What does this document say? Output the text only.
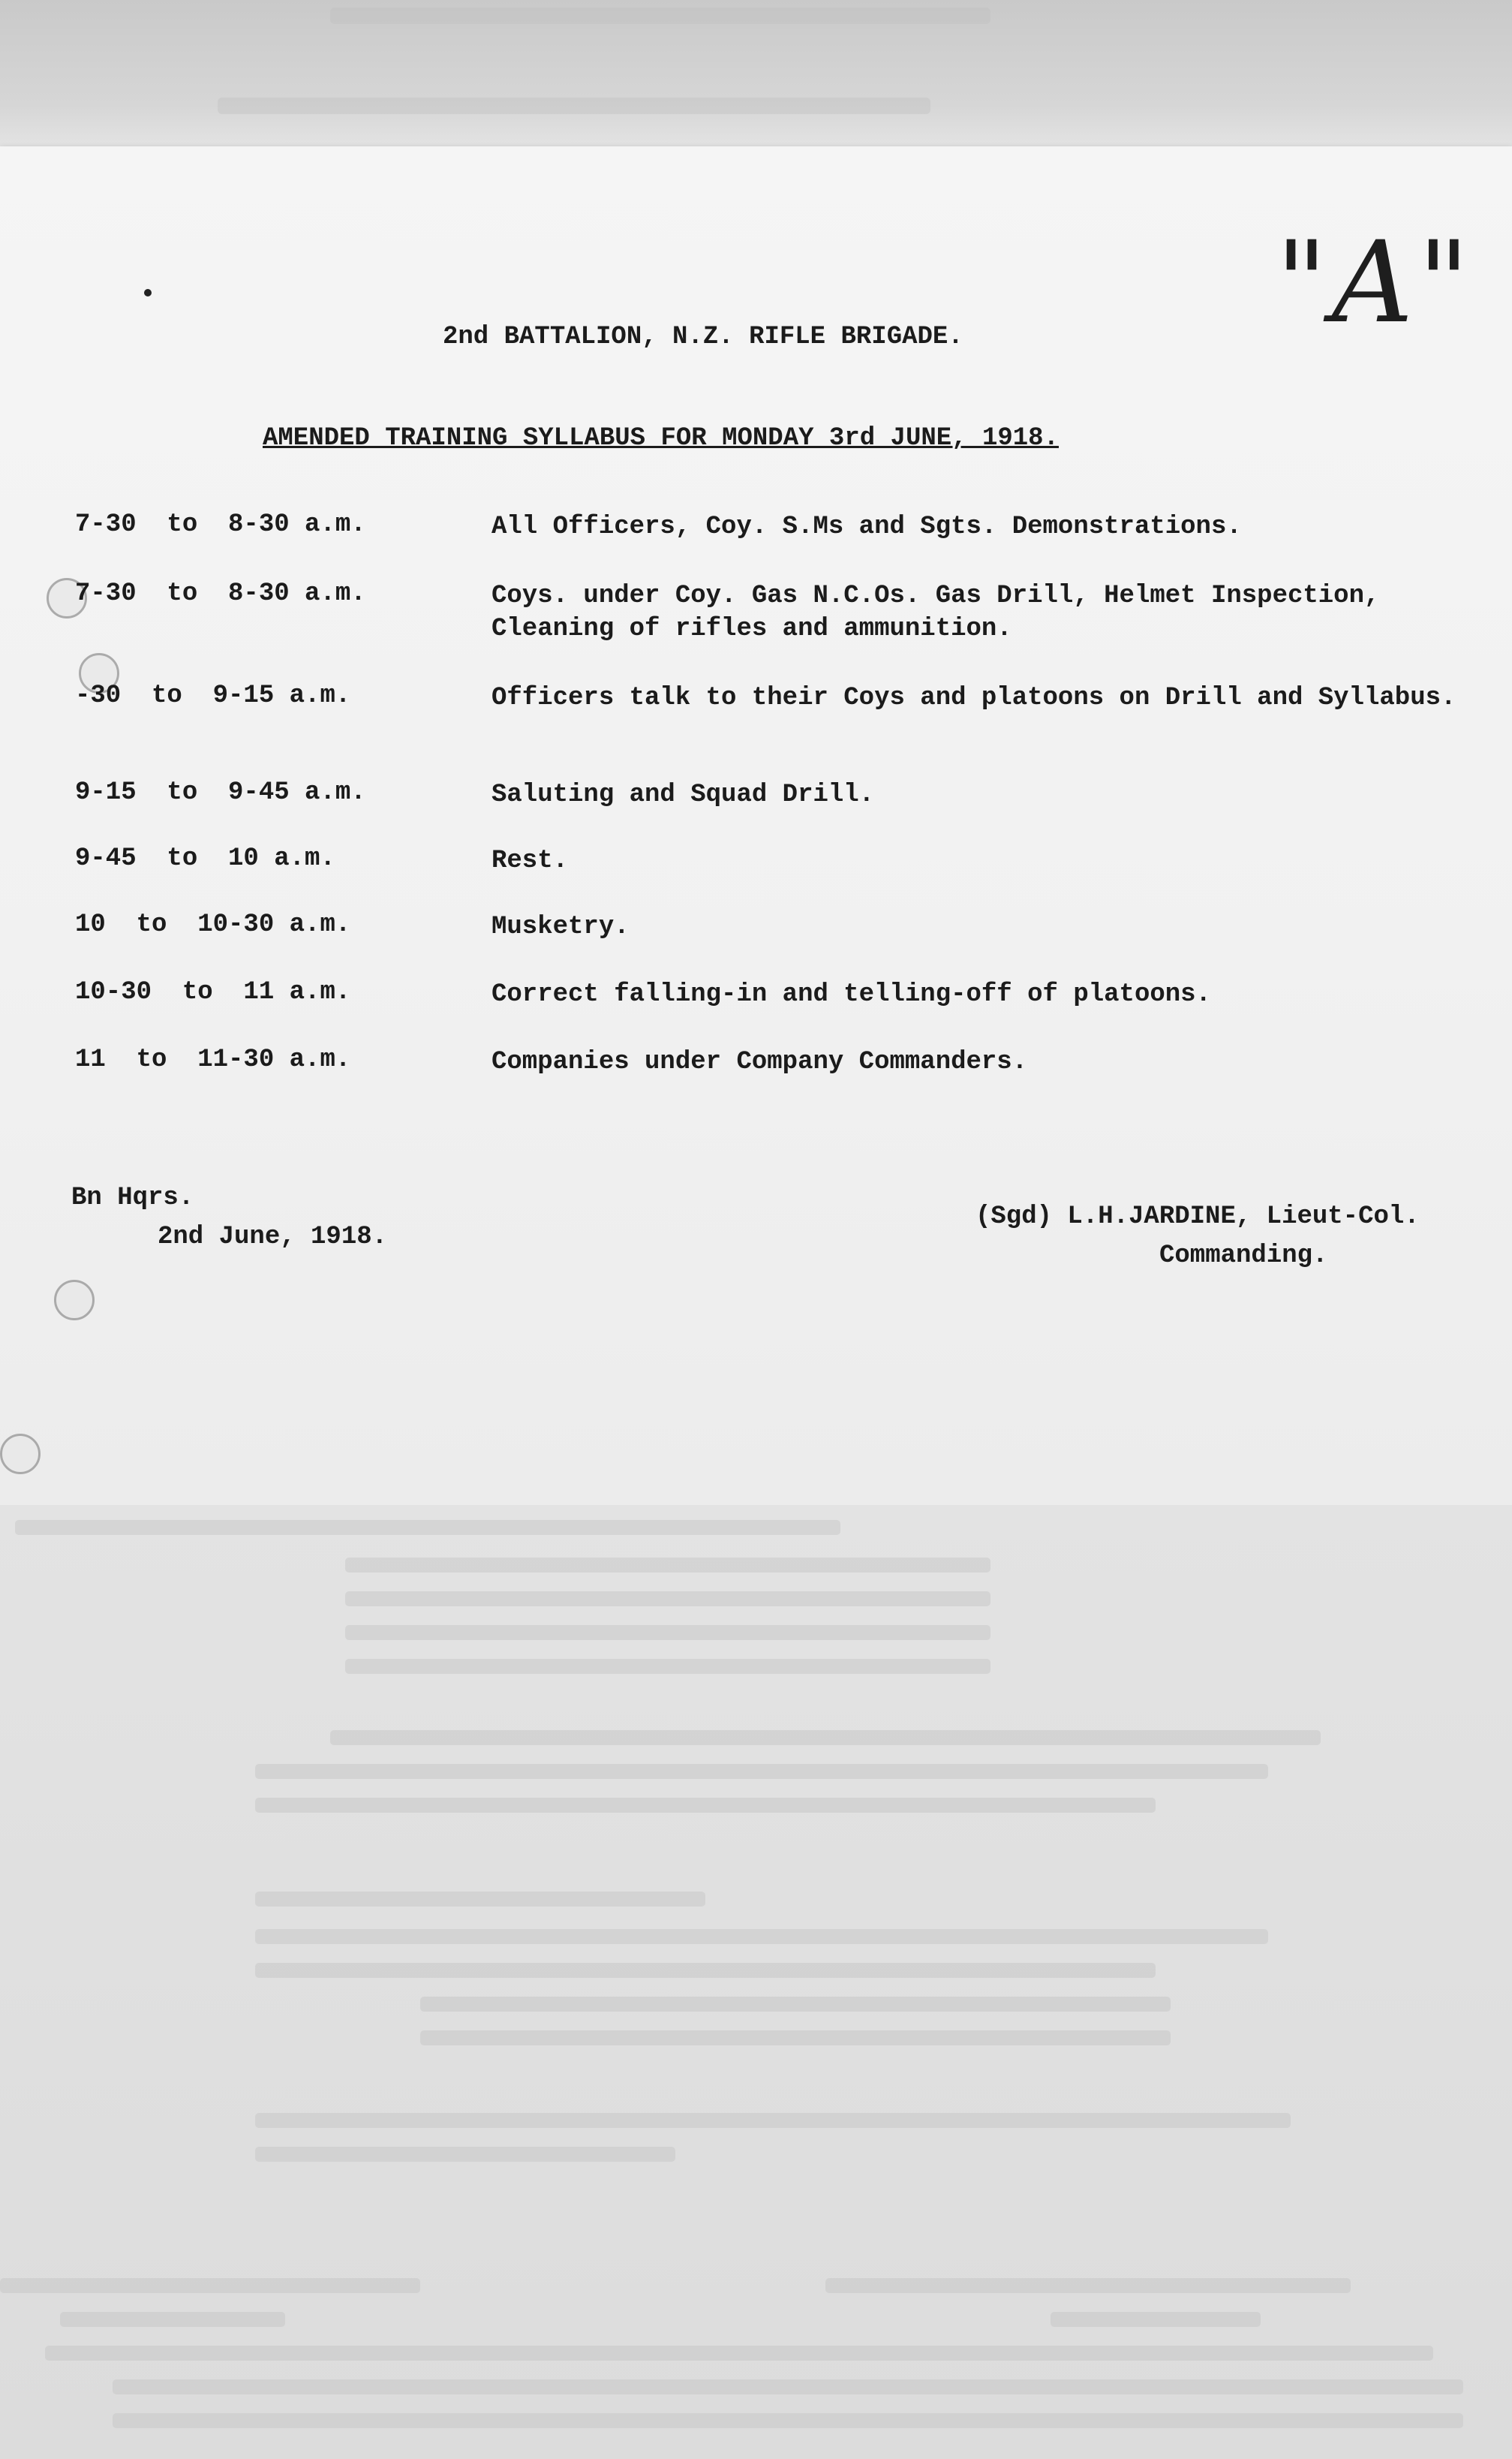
"A"
2nd BATTALION, N.Z. RIFLE BRIGADE.
AMENDED TRAINING SYLLABUS FOR MONDAY 3rd JUNE, 1918.
7-30  to  8-30 a.m.	All Officers, Coy. S.Ms and Sgts. Demonstrations.
7-30  to  8-30 a.m.	Coys. under Coy. Gas N.C.Os. Gas Drill, Helmet Inspection, Cleaning of rifles and ammunition.
-30  to  9-15 a.m.	Officers talk to their Coys and platoons on Drill and Syllabus.
9-15  to  9-45 a.m.	Saluting and Squad Drill.
9-45  to  10 a.m.	Rest.
10  to  10-30 a.m.	Musketry.
10-30  to  11 a.m.	Correct falling-in and telling-off of platoons.
11  to  11-30 a.m.	Companies under Company Commanders.
Bn Hqrs.
2nd June, 1918.
(Sgd) L.H.JARDINE, Lieut-Col.
Commanding.
